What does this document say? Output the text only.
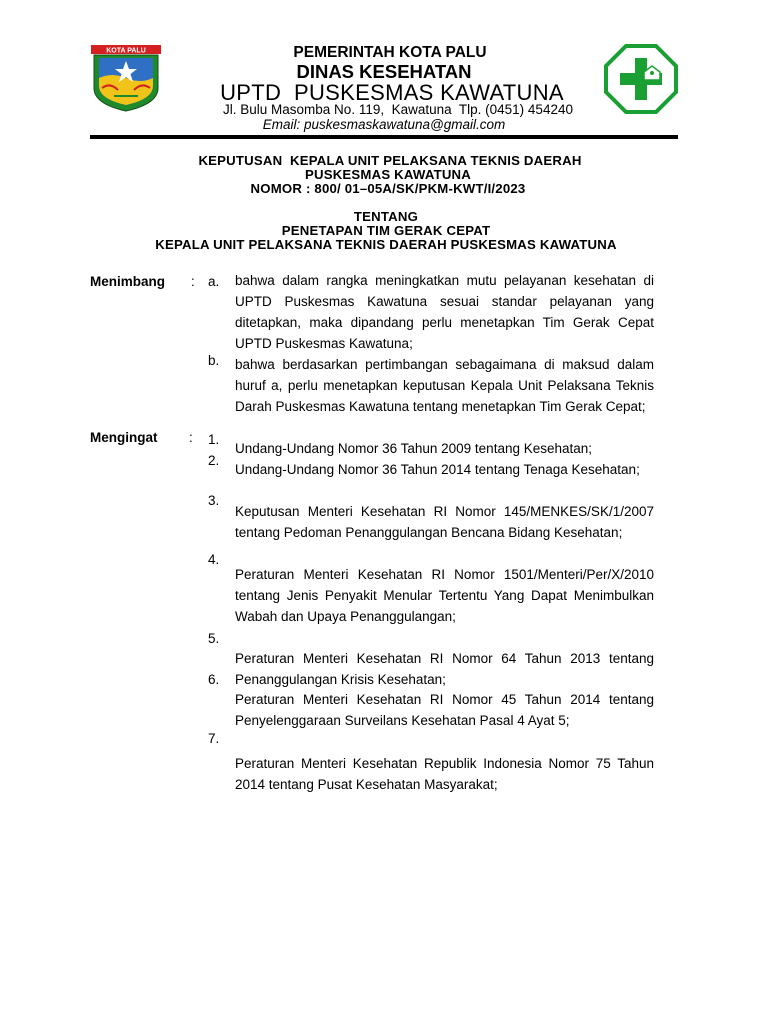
KOTA PALU	PEMERINTAH KOTA PALU
DINAS KESEHATAN
UPTD  PUSKESMAS KAWATUNA
Jl. Bulu Masomba No. 119,  Kawatuna  Tlp. (0451) 454240
Email: puskesmaskawatuna@gmail.com
KEPUTUSAN  KEPALA UNIT PELAKSANA TEKNIS DAERAH
PUSKESMAS KAWATUNA
NOMOR : 800/ 01–05A/SK/PKM-KWT/I/2023
TENTANG
PENETAPAN TIM GERAK CEPAT
KEPALA UNIT PELAKSANA TEKNIS DAERAH PUSKESMAS KAWATUNA
Menimbang : a. bahwa dalam rangka meningkatkan mutu pelayanan kesehatan di UPTD Puskesmas Kawatuna sesuai standar pelayanan yang ditetapkan, maka dipandang perlu menetapkan Tim Gerak Cepat UPTD Puskesmas Kawatuna;
b. bahwa berdasarkan pertimbangan sebagaimana di maksud dalam huruf a, perlu menetapkan keputusan Kepala Unit Pelaksana Teknis Darah Puskesmas Kawatuna tentang menetapkan Tim Gerak Cepat;
Mengingat : 1.
Undang-Undang Nomor 36 Tahun 2009 tentang Kesehatan;
2.
Undang-Undang Nomor 36 Tahun 2014 tentang Tenaga Kesehatan;
3.
Keputusan Menteri Kesehatan RI Nomor 145/MENKES/SK/1/2007 tentang Pedoman Penanggulangan Bencana Bidang Kesehatan;
4.
Peraturan Menteri Kesehatan RI Nomor 1501/Menteri/Per/X/2010 tentang Jenis Penyakit Menular Tertentu Yang Dapat Menimbulkan Wabah dan Upaya Penanggulangan;
5.
Peraturan Menteri Kesehatan RI Nomor 64 Tahun 2013 tentang Penanggulangan Krisis Kesehatan;
6.
Peraturan Menteri Kesehatan RI Nomor 45 Tahun 2014 tentang Penyelenggaraan Surveilans Kesehatan Pasal 4 Ayat 5;
7.
Peraturan Menteri Kesehatan Republik Indonesia Nomor 75 Tahun 2014 tentang Pusat Kesehatan Masyarakat;
